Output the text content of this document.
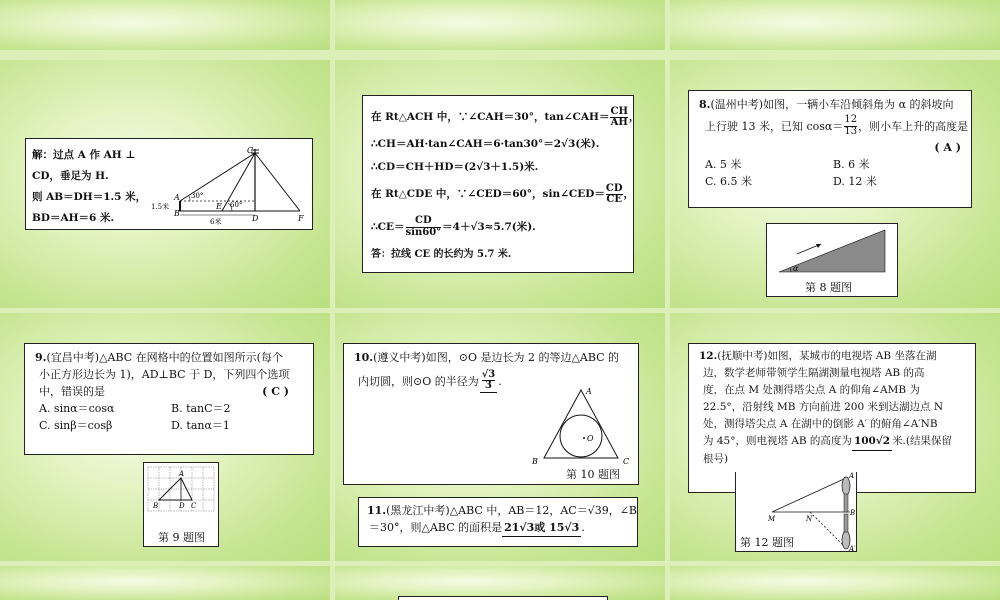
解：过点 A 作 AH ⊥
CD，垂足为 H.
则 AB＝DH＝1.5 米，
BD＝AH＝6 米.
C
A
B
E
D	F
30°
60°
1.5米
6米
在 Rt△ACH 中，∵∠CAH＝30°，tan∠CAH＝ $\frac{CH}{AH}$ ，
∴CH＝AH·tan∠CAH＝6·tan30°＝2√3(米).
∴CD＝CH＋HD＝(2√3＋1.5)米.
在 Rt△CDE 中，∵∠CED＝60°，sin∠CED＝ $\frac{CD}{CE}$ ，
∴CE＝ $\frac{CD}{\sin 60^\circ} =4+√3\approx 5.7$(米).
答：拉线 CE 的长约为 5.7 米.
8.(温州中考)如图，一辆小车沿倾斜角为 α 的斜坡向
上行驶 13 米，已知 $\cos\alpha= \frac{12}{13}$ ，则小车上升的高度是
( A )
A. 5 米	B. 6 米
C. 6.5 米	D. 12 米
α
第 8 题图
9.(宜昌中考)△ABC 在网格中的位置如图所示(每个
小正方形边长为 1)，AD⊥BC 于 D，下列四个选项
中，错误的是	( C )
A. sinα＝cosα	B. tanC＝2
C. sinβ＝cosβ	D. tanα＝1
A
B	D C
第 9 题图
10.(遵义中考)如图，⊙O 是边长为 2 的等边△ABC 的
内切圆，则⊙O 的半径为 $\frac{√3}{3}$ .
A
B	C
O
第 10 题图
11.(黑龙江中考)△ABC 中，AB＝12，AC＝√39，∠B
＝30°，则△ABC 的面积是 21√3或 15√3 .
12.(抚顺中考)如图，某城市的电视塔 AB 坐落在湖
边，数学老师带领学生隔湖测量电视塔 AB 的高
度，在点 M 处测得塔尖点 A 的仰角∠AMB 为
22.5°，沿射线 MB 方向前进 200 米到达湖边点 N
处，测得塔尖点 A 在湖中的倒影 A′ 的俯角∠A′NB
为 45°，则电视塔 AB 的高度为 100√2 米.(结果保留
根号)
第 12 题图
A
B
A′
M	N
